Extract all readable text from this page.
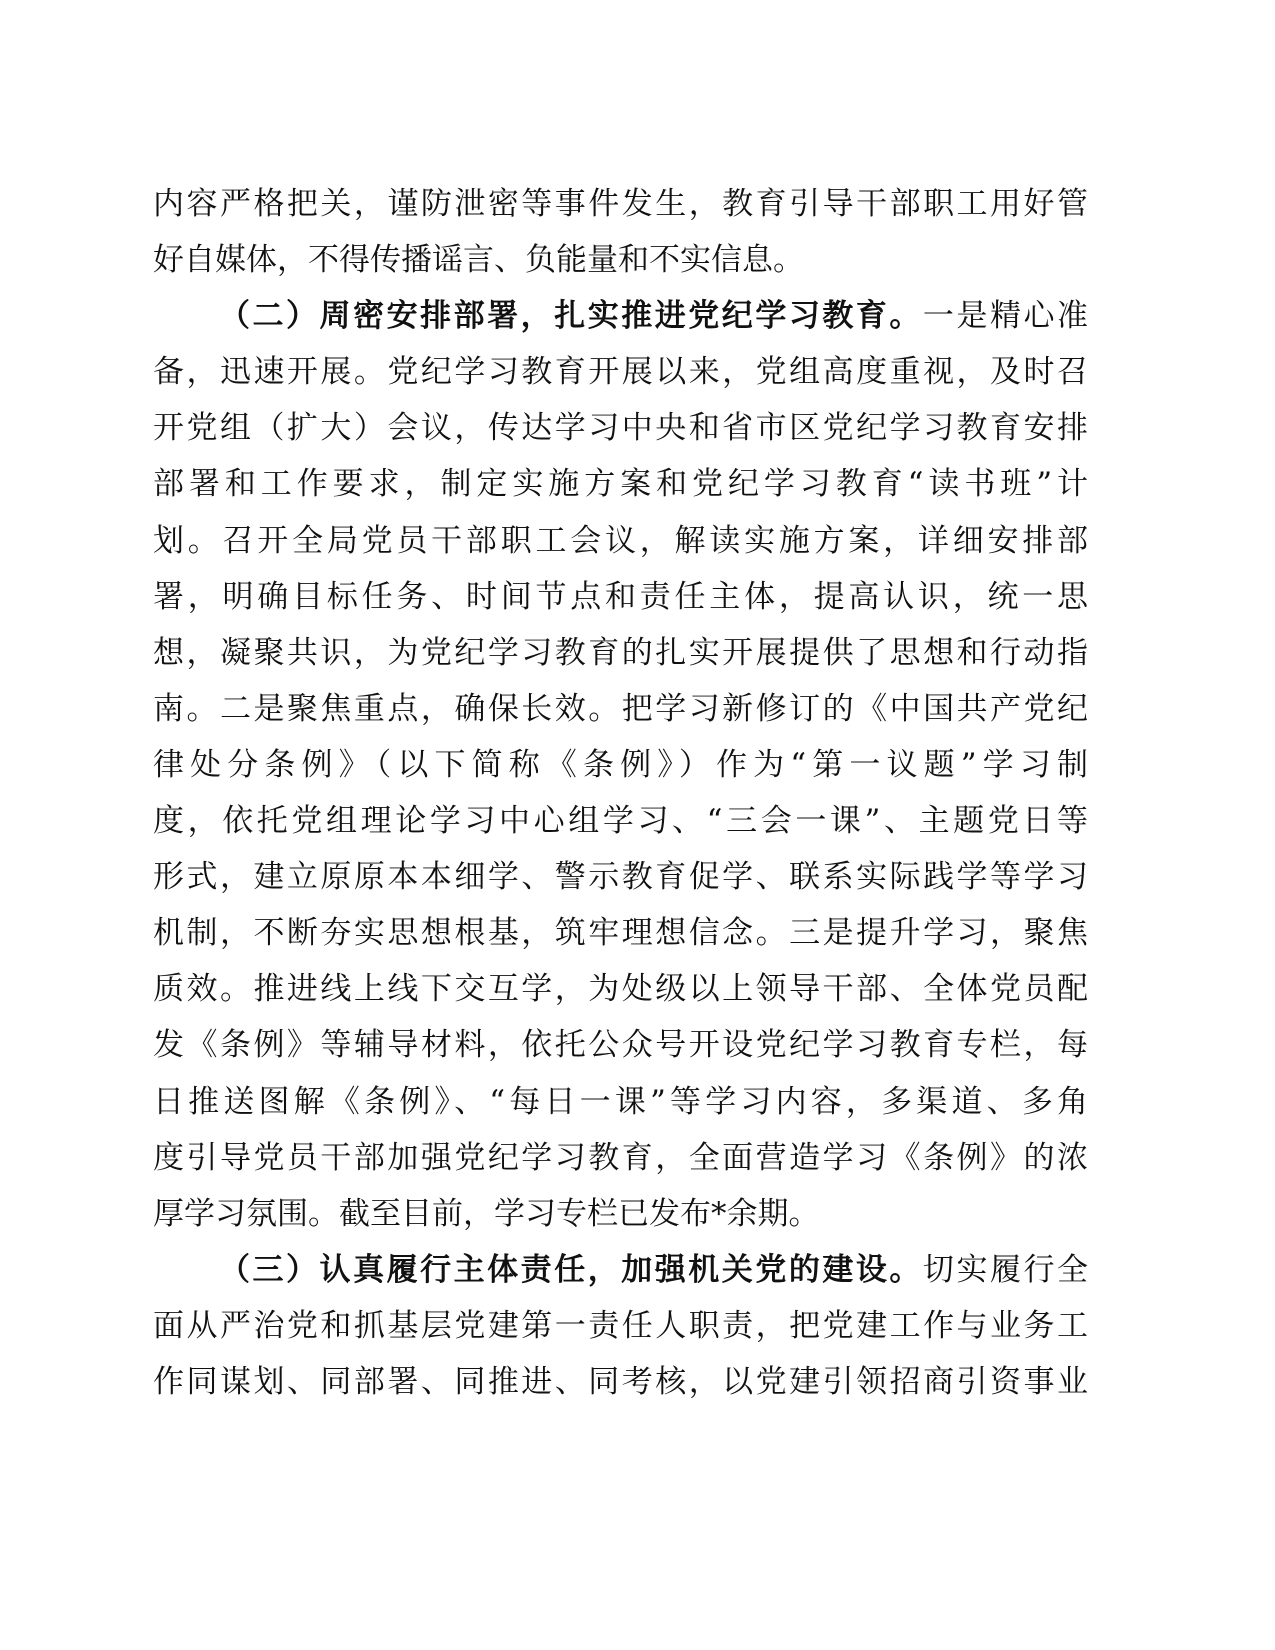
内容严格把关，谨防泄密等事件发生，教育引导干部职工用好管
好自媒体，不得传播谣言、负能量和不实信息。
（二）周密安排部署，扎实推进党纪学习教育。一是精心准
备，迅速开展。党纪学习教育开展以来，党组高度重视，及时召
开党组（扩大）会议，传达学习中央和省市区党纪学习教育安排
部署和工作要求，制定实施方案和党纪学习教育“读书班”计
划。召开全局党员干部职工会议，解读实施方案，详细安排部
署，明确目标任务、时间节点和责任主体，提高认识，统一思
想，凝聚共识，为党纪学习教育的扎实开展提供了思想和行动指
南。二是聚焦重点，确保长效。把学习新修订的《中国共产党纪
律处分条例》（以下简称《条例》）作为“第一议题”学习制
度，依托党组理论学习中心组学习、“三会一课”、主题党日等
形式，建立原原本本细学、警示教育促学、联系实际践学等学习
机制，不断夯实思想根基，筑牢理想信念。三是提升学习，聚焦
质效。推进线上线下交互学，为处级以上领导干部、全体党员配
发《条例》等辅导材料，依托公众号开设党纪学习教育专栏，每
日推送图解《条例》、“每日一课”等学习内容，多渠道、多角
度引导党员干部加强党纪学习教育，全面营造学习《条例》的浓
厚学习氛围。截至目前，学习专栏已发布*余期。
（三）认真履行主体责任，加强机关党的建设。切实履行全
面从严治党和抓基层党建第一责任人职责，把党建工作与业务工
作同谋划、同部署、同推进、同考核，以党建引领招商引资事业
